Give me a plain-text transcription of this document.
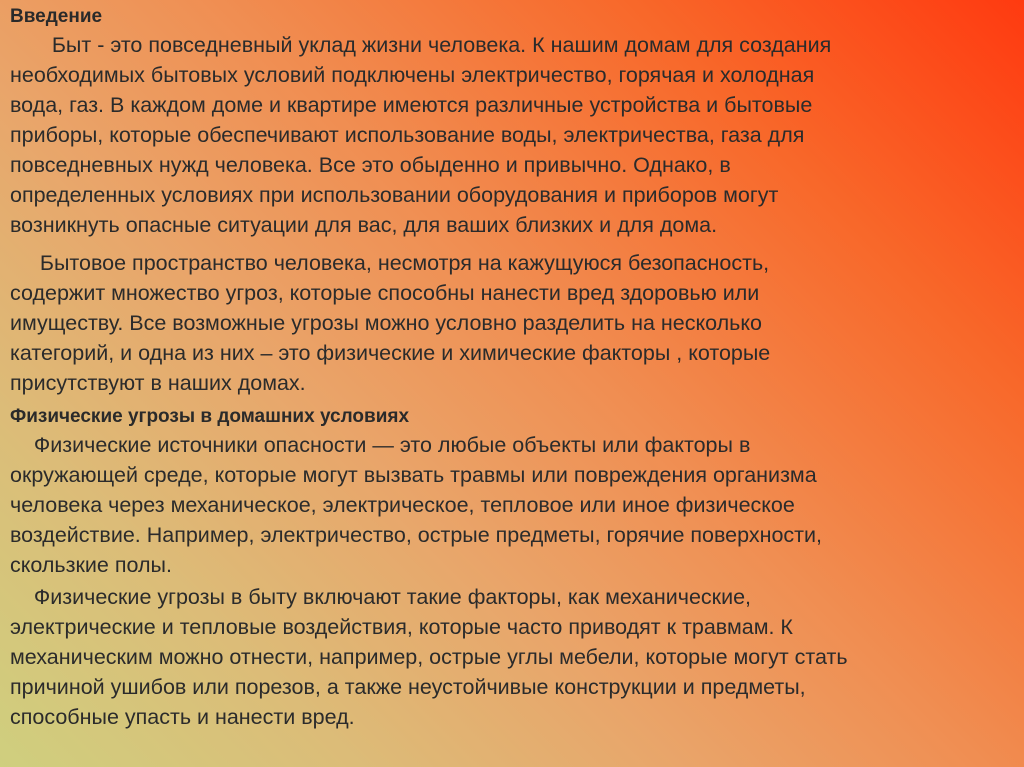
Введение

Быт - это повседневный уклад жизни человека. К нашим домам для создания
необходимых бытовых условий подключены электричество, горячая и холодная
вода, газ. В каждом доме и квартире имеются различные устройства и бытовые
приборы, которые обеспечивают использование воды, электричества, газа для
повседневных нужд человека. Все это обыденно и привычно. Однако, в
определенных условиях при использовании оборудования и приборов могут
возникнуть опасные ситуации для вас, для ваших близких и для дома.

Бытовое пространство человека, несмотря на кажущуюся безопасность,
содержит множество угроз, которые способны нанести вред здоровью или
имуществу. Все возможные угрозы можно условно разделить на несколько
категорий, и одна из них – это физические и химические факторы , которые
присутствуют в наших домах.

Физические угрозы в домашних условиях

Физические источники опасности — это любые объекты или факторы в
окружающей среде, которые могут вызвать травмы или повреждения организма
человека через механическое, электрическое, тепловое или иное физическое
воздействие. Например, электричество, острые предметы, горячие поверхности,
скользкие полы.

Физические угрозы в быту включают такие факторы, как механические,
электрические и тепловые воздействия, которые часто приводят к травмам. К
механическим можно отнести, например, острые углы мебели, которые могут стать
причиной ушибов или порезов, а также неустойчивые конструкции и предметы,
способные упасть и нанести вред.
